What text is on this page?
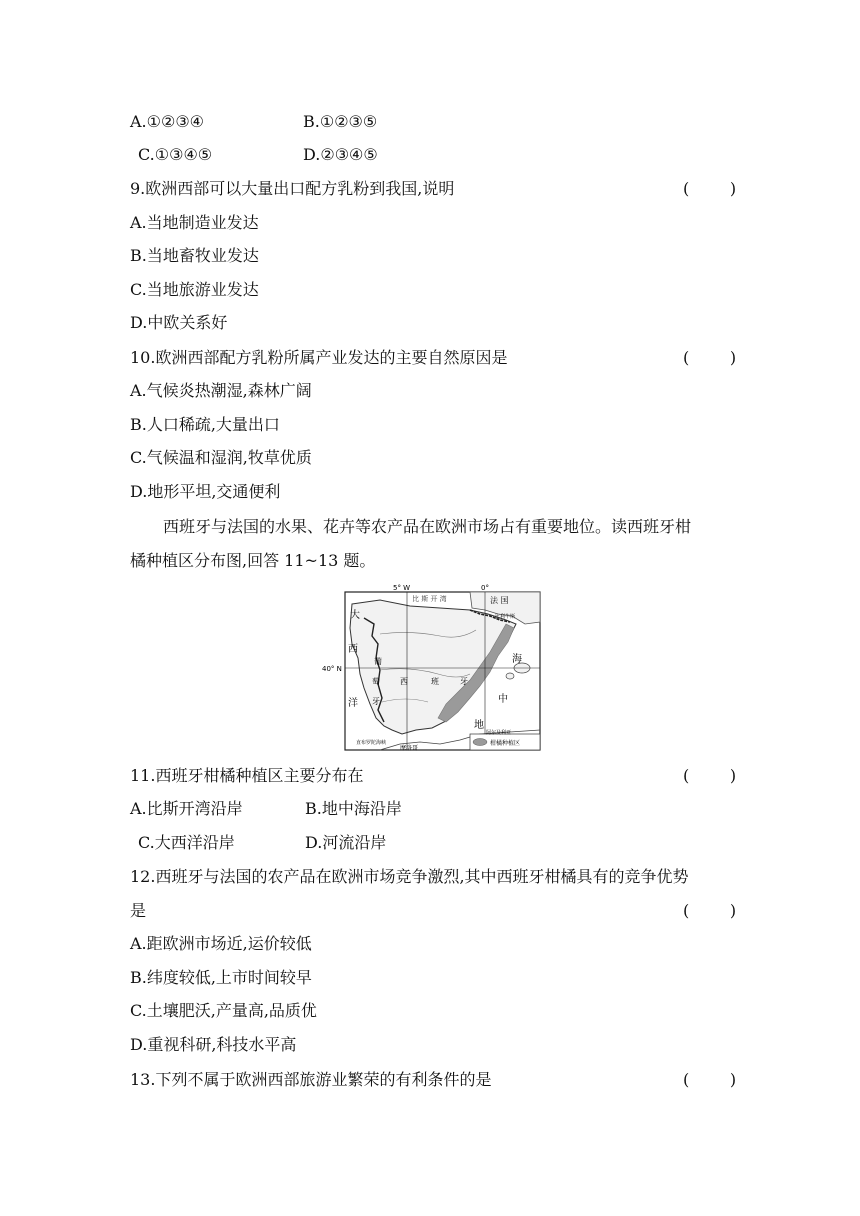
A.①②③④	B.①②③⑤
C.①③④⑤	D.②③④⑤
9.欧洲西部可以大量出口配方乳粉到我国,说明	(        )
A.当地制造业发达
B.当地畜牧业发达
C.当地旅游业发达
D.中欧关系好
10.欧洲西部配方乳粉所属产业发达的主要自然原因是	(        )
A.气候炎热潮湿,森林广阔
B.人口稀疏,大量出口
C.气候温和湿润,牧草优质
D.地形平坦,交通便利
西班牙与法国的水果、花卉等农产品在欧洲市场占有重要地位。读西班牙柑
橘种植区分布图,回答 11~13 题。
5° W	0°
40° N
比 斯 开 湾	法 国
比利牛斯
大
西
洋
葡
萄
牙
西	班	牙
海
中
地
直布罗陀海峡
摩洛哥
阿尔及利亚
柑橘种植区
11.西班牙柑橘种植区主要分布在	(        )
A.比斯开湾沿岸	B.地中海沿岸
C.大西洋沿岸	D.河流沿岸
12.西班牙与法国的农产品在欧洲市场竞争激烈,其中西班牙柑橘具有的竞争优势
是	(        )
A.距欧洲市场近,运价较低
B.纬度较低,上市时间较早
C.土壤肥沃,产量高,品质优
D.重视科研,科技水平高
13.下列不属于欧洲西部旅游业繁荣的有利条件的是	(        )
